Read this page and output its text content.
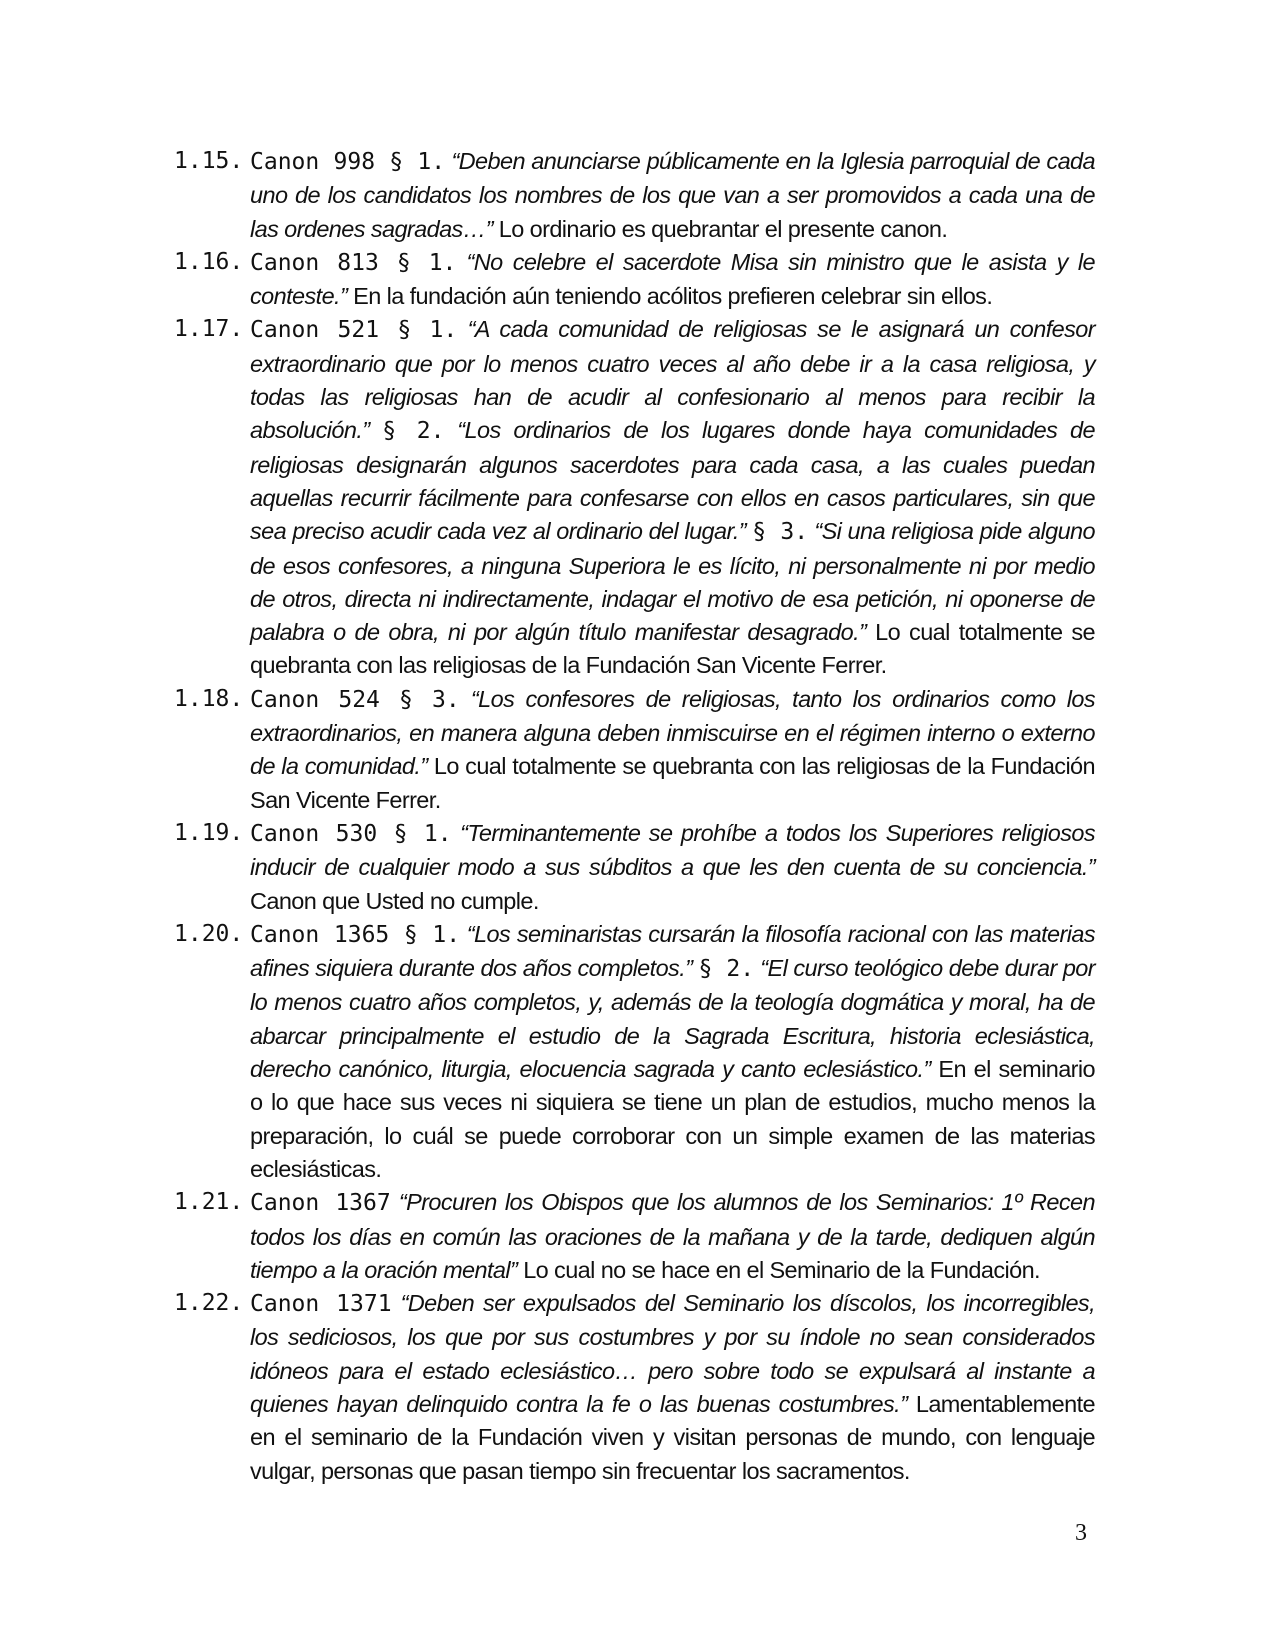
1.15. Canon 998 § 1. “Deben anunciarse públicamente en la Iglesia parroquial de cada uno de los candidatos los nombres de los que van a ser promovidos a cada una de las ordenes sagradas…” Lo ordinario es quebrantar el presente canon.
1.16. Canon 813 § 1. “No celebre el sacerdote Misa sin ministro que le asista y le conteste.” En la fundación aún teniendo acólitos prefieren celebrar sin ellos.
1.17. Canon 521 § 1. “A cada comunidad de religiosas se le asignará un confesor extraordinario que por lo menos cuatro veces al año debe ir a la casa religiosa, y todas las religiosas han de acudir al confesionario al menos para recibir la absolución.” § 2. “Los ordinarios de los lugares donde haya comunidades de religiosas designarán algunos sacerdotes para cada casa, a las cuales puedan aquellas recurrir fácilmente para confesarse con ellos en casos particulares, sin que sea preciso acudir cada vez al ordinario del lugar.” § 3. “Si una religiosa pide alguno de esos confesores, a ninguna Superiora le es lícito, ni personalmente ni por medio de otros, directa ni indirectamente, indagar el motivo de esa petición, ni oponerse de palabra o de obra, ni por algún título manifestar desagrado.” Lo cual totalmente se quebranta con las religiosas de la Fundación San Vicente Ferrer.
1.18. Canon 524 § 3. “Los confesores de religiosas, tanto los ordinarios como los extraordinarios, en manera alguna deben inmiscuirse en el régimen interno o externo de la comunidad.” Lo cual totalmente se quebranta con las religiosas de la Fundación San Vicente Ferrer.
1.19. Canon 530 § 1. “Terminantemente se prohíbe a todos los Superiores religiosos inducir de cualquier modo a sus súbditos a que les den cuenta de su conciencia.” Canon que Usted no cumple.
1.20. Canon 1365 § 1. “Los seminaristas cursarán la filosofía racional con las materias afines siquiera durante dos años completos.” § 2. “El curso teológico debe durar por lo menos cuatro años completos, y, además de la teología dogmática y moral, ha de abarcar principalmente el estudio de la Sagrada Escritura, historia eclesiástica, derecho canónico, liturgia, elocuencia sagrada y canto eclesiástico.” En el seminario o lo que hace sus veces ni siquiera se tiene un plan de estudios, mucho menos la preparación, lo cuál se puede corroborar con un simple examen de las materias eclesiásticas.
1.21. Canon 1367 “Procuren los Obispos que los alumnos de los Seminarios: 1º Recen todos los días en común las oraciones de la mañana y de la tarde, dediquen algún tiempo a la oración mental” Lo cual no se hace en el Seminario de la Fundación.
1.22. Canon 1371 “Deben ser expulsados del Seminario los díscolos, los incorregibles, los sediciosos, los que por sus costumbres y por su índole no sean considerados idóneos para el estado eclesiástico… pero sobre todo se expulsará al instante a quienes hayan delinquido contra la fe o las buenas costumbres.” Lamentablemente en el seminario de la Fundación viven y visitan personas de mundo, con lenguaje vulgar, personas que pasan tiempo sin frecuentar los sacramentos.
3
